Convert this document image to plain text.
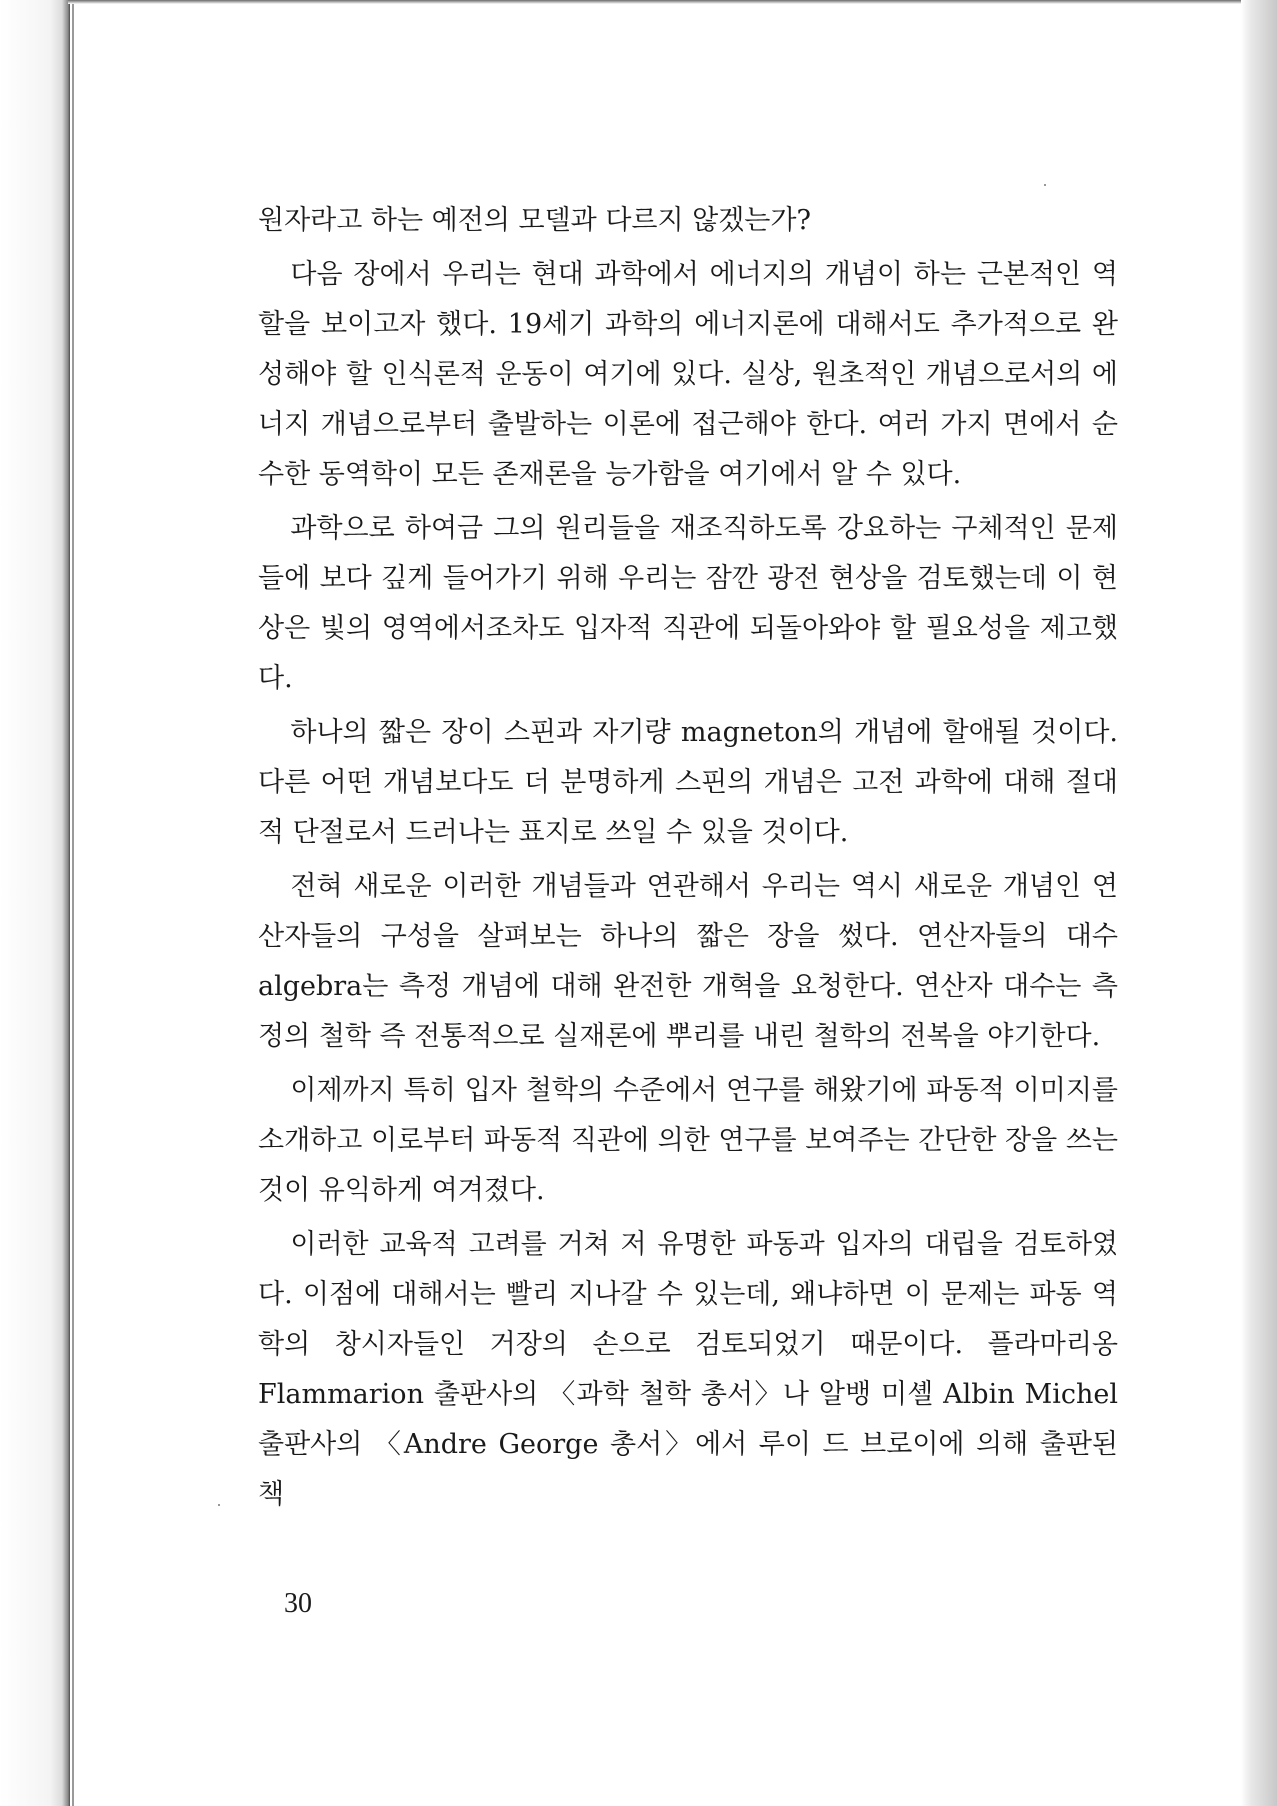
원자라고 하는 예전의 모델과 다르지 않겠는가?

다음 장에서 우리는 현대 과학에서 에너지의 개념이 하는 근본적인 역할을 보이고자 했다. 19세기 과학의 에너지론에 대해서도 추가적으로 완성해야 할 인식론적 운동이 여기에 있다. 실상, 원초적인 개념으로서의 에너지 개념으로부터 출발하는 이론에 접근해야 한다. 여러 가지 면에서 순수한 동역학이 모든 존재론을 능가함을 여기에서 알 수 있다.

과학으로 하여금 그의 원리들을 재조직하도록 강요하는 구체적인 문제들에 보다 깊게 들어가기 위해 우리는 잠깐 광전 현상을 검토했는데 이 현상은 빛의 영역에서조차도 입자적 직관에 되돌아와야 할 필요성을 제고했다.

하나의 짧은 장이 스핀과 자기량 magneton의 개념에 할애될 것이다. 다른 어떤 개념보다도 더 분명하게 스핀의 개념은 고전 과학에 대해 절대적 단절로서 드러나는 표지로 쓰일 수 있을 것이다.

전혀 새로운 이러한 개념들과 연관해서 우리는 역시 새로운 개념인 연산자들의 구성을 살펴보는 하나의 짧은 장을 썼다. 연산자들의 대수 algebra는 측정 개념에 대해 완전한 개혁을 요청한다. 연산자 대수는 측정의 철학 즉 전통적으로 실재론에 뿌리를 내린 철학의 전복을 야기한다.

이제까지 특히 입자 철학의 수준에서 연구를 해왔기에 파동적 이미지를 소개하고 이로부터 파동적 직관에 의한 연구를 보여주는 간단한 장을 쓰는 것이 유익하게 여겨졌다.

이러한 교육적 고려를 거쳐 저 유명한 파동과 입자의 대립을 검토하였다. 이점에 대해서는 빨리 지나갈 수 있는데, 왜냐하면 이 문제는 파동 역학의 창시자들인 거장의 손으로 검토되었기 때문이다. 플라마리옹 Flammarion 출판사의 〈과학 철학 총서〉나 알뱅 미셸 Albin Michel 출판사의 〈Andre George 총서〉에서 루이 드 브로이에 의해 출판된 책

30
